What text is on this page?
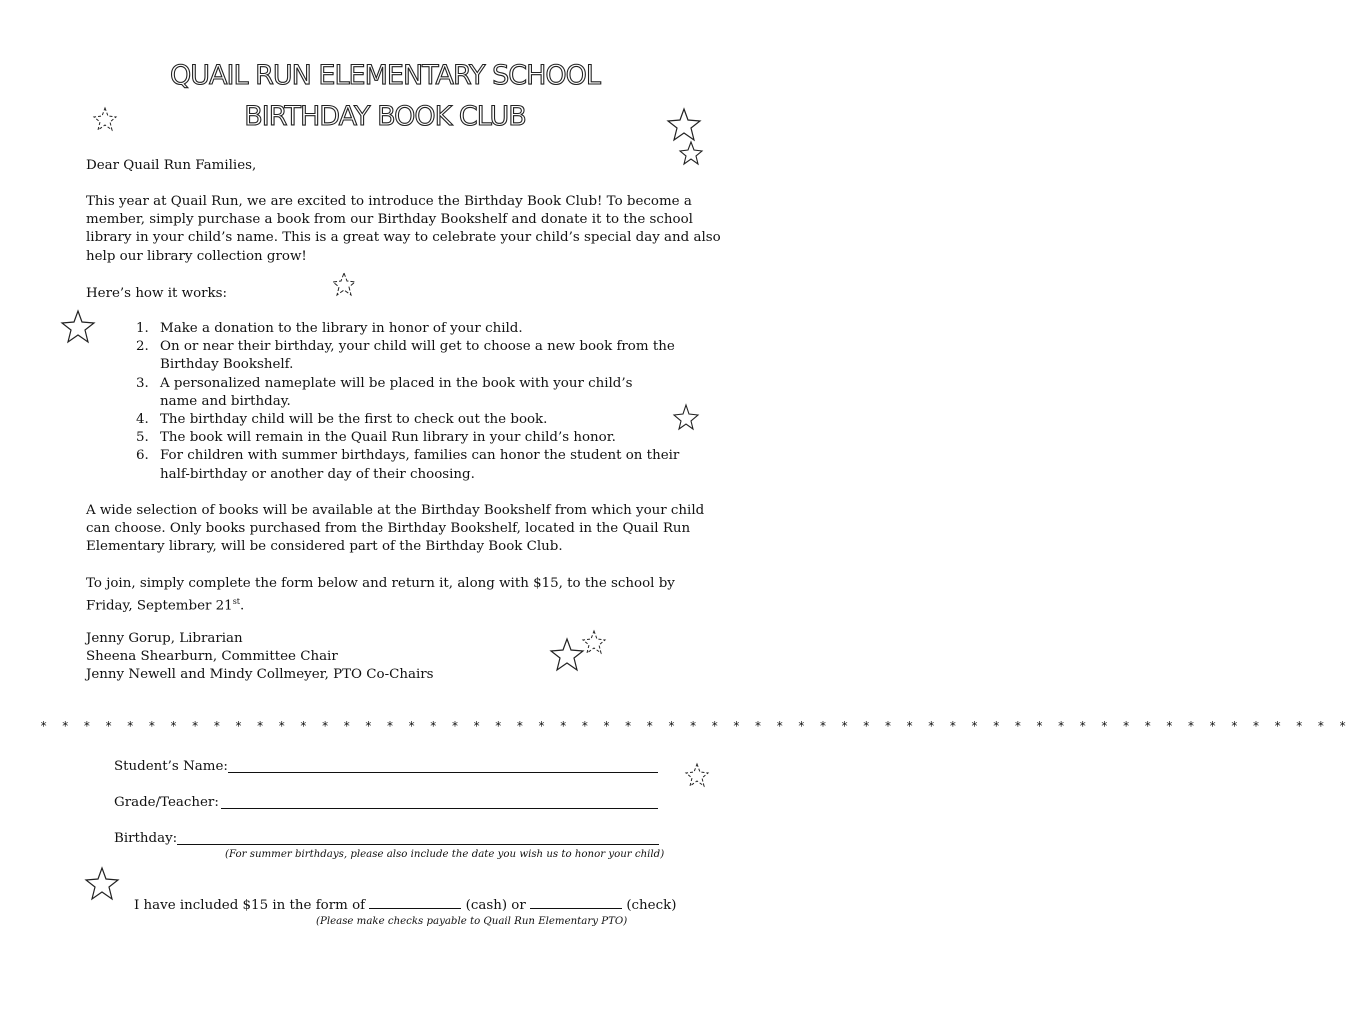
QUAIL RUN ELEMENTARY SCHOOL
BIRTHDAY BOOK CLUB
Dear Quail Run Families,
This year at Quail Run, we are excited to introduce the Birthday Book Club! To become a member, simply purchase a book from our Birthday Bookshelf and donate it to the school library in your child’s name. This is a great way to celebrate your child’s special day and also help our library collection grow!
Here’s how it works:
1. Make a donation to the library in honor of your child.
2. On or near their birthday, your child will get to choose a new book from the Birthday Bookshelf.
3. A personalized nameplate will be placed in the book with your child’s name and birthday.
4. The birthday child will be the first to check out the book.
5. The book will remain in the Quail Run library in your child’s honor.
6. For children with summer birthdays, families can honor the student on their half-birthday or another day of their choosing.
A wide selection of books will be available at the Birthday Bookshelf from which your child can choose. Only books purchased from the Birthday Bookshelf, located in the Quail Run Elementary library, will be considered part of the Birthday Book Club.
To join, simply complete the form below and return it, along with $15, to the school by Friday, September 21st.
Jenny Gorup, Librarian
Sheena Shearburn, Committee Chair
Jenny Newell and Mindy Collmeyer, PTO Co-Chairs
* * * * * * * * * * * * * * * * * * * * * * * * * * * * * * * * * * * * * * * * * * * * * * * * * * * * * * * * * * * * *
Student’s Name:
Grade/Teacher:
Birthday:
(For summer birthdays, please also include the date you wish us to honor your child)
I have included $15 in the form of	(cash) or	(check)
(Please make checks payable to Quail Run Elementary PTO)
